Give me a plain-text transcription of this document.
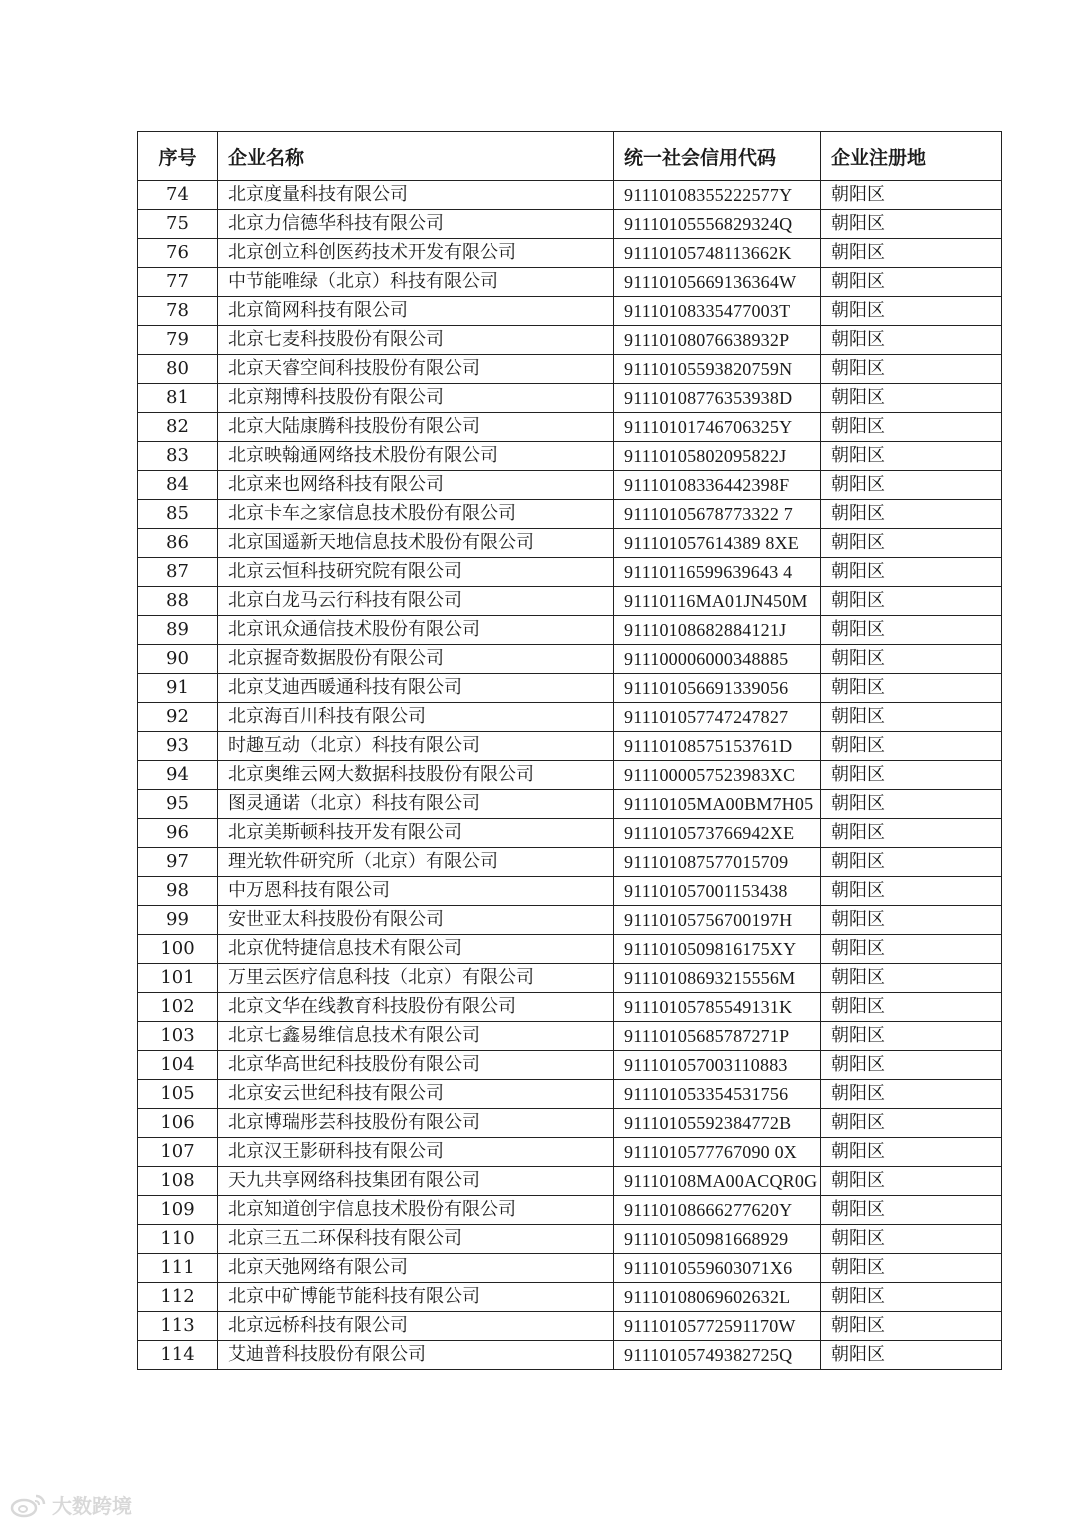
序号	企业名称	统一社会信用代码	企业注册地
74	北京度量科技有限公司	91110108355222577Y	朝阳区
75	北京力信德华科技有限公司	91110105556829324Q	朝阳区
76	北京创立科创医药技术开发有限公司	91110105748113662K	朝阳区
77	中节能唯绿（北京）科技有限公司	91110105669136364W	朝阳区
78	北京简网科技有限公司	91110108335477003T	朝阳区
79	北京七麦科技股份有限公司	91110108076638932P	朝阳区
80	北京天睿空间科技股份有限公司	91110105593820759N	朝阳区
81	北京翔博科技股份有限公司	91110108776353938D	朝阳区
82	北京大陆康腾科技股份有限公司	91110101746706325Y	朝阳区
83	北京映翰通网络技术股份有限公司	91110105802095822J	朝阳区
84	北京来也网络科技有限公司	91110108336442398F	朝阳区
85	北京卡车之家信息技术股份有限公司	91110105678773322 7	朝阳区
86	北京国遥新天地信息技术股份有限公司	911101057614389 8XE	朝阳区
87	北京云恒科技研究院有限公司	91110116599639643 4	朝阳区
88	北京白龙马云行科技有限公司	91110116MA01JN450M	朝阳区
89	北京讯众通信技术股份有限公司	91110108682884121J	朝阳区
90	北京握奇数据股份有限公司	911100006000348885	朝阳区
91	北京艾迪西暖通科技有限公司	911101056691339056	朝阳区
92	北京海百川科技有限公司	911101057747247827	朝阳区
93	时趣互动（北京）科技有限公司	91110108575153761D	朝阳区
94	北京奥维云网大数据科技股份有限公司	9111000057523983XC	朝阳区
95	图灵通诺（北京）科技有限公司	91110105MA00BM7H05	朝阳区
96	北京美斯顿科技开发有限公司	9111010573766942XE	朝阳区
97	理光软件研究所（北京）有限公司	911101087577015709	朝阳区
98	中万恩科技有限公司	911101057001153438	朝阳区
99	安世亚太科技股份有限公司	91110105756700197H	朝阳区
100	北京优特捷信息技术有限公司	9111010509816175XY	朝阳区
101	万里云医疗信息科技（北京）有限公司	91110108693215556M	朝阳区
102	北京文华在线教育科技股份有限公司	91110105785549131K	朝阳区
103	北京七鑫易维信息技术有限公司	91110105685787271P	朝阳区
104	北京华高世纪科技股份有限公司	911101057003110883	朝阳区
105	北京安云世纪科技有限公司	911101053354531756	朝阳区
106	北京博瑞彤芸科技股份有限公司	91110105592384772B	朝阳区
107	北京汉王影研科技有限公司	9111010577767090 0X	朝阳区
108	天九共享网络科技集团有限公司	91110108MA00ACQR0G	朝阳区
109	北京知道创宇信息技术股份有限公司	91110108666277620Y	朝阳区
110	北京三五二环保科技有限公司	911101050981668929	朝阳区
111	北京天弛网络有限公司	9111010559603071X6	朝阳区
112	北京中矿博能节能科技有限公司	91110108069602632L	朝阳区
113	北京远桥科技有限公司	91110105772591170W	朝阳区
114	艾迪普科技股份有限公司	91110105749382725Q	朝阳区
大数跨境
